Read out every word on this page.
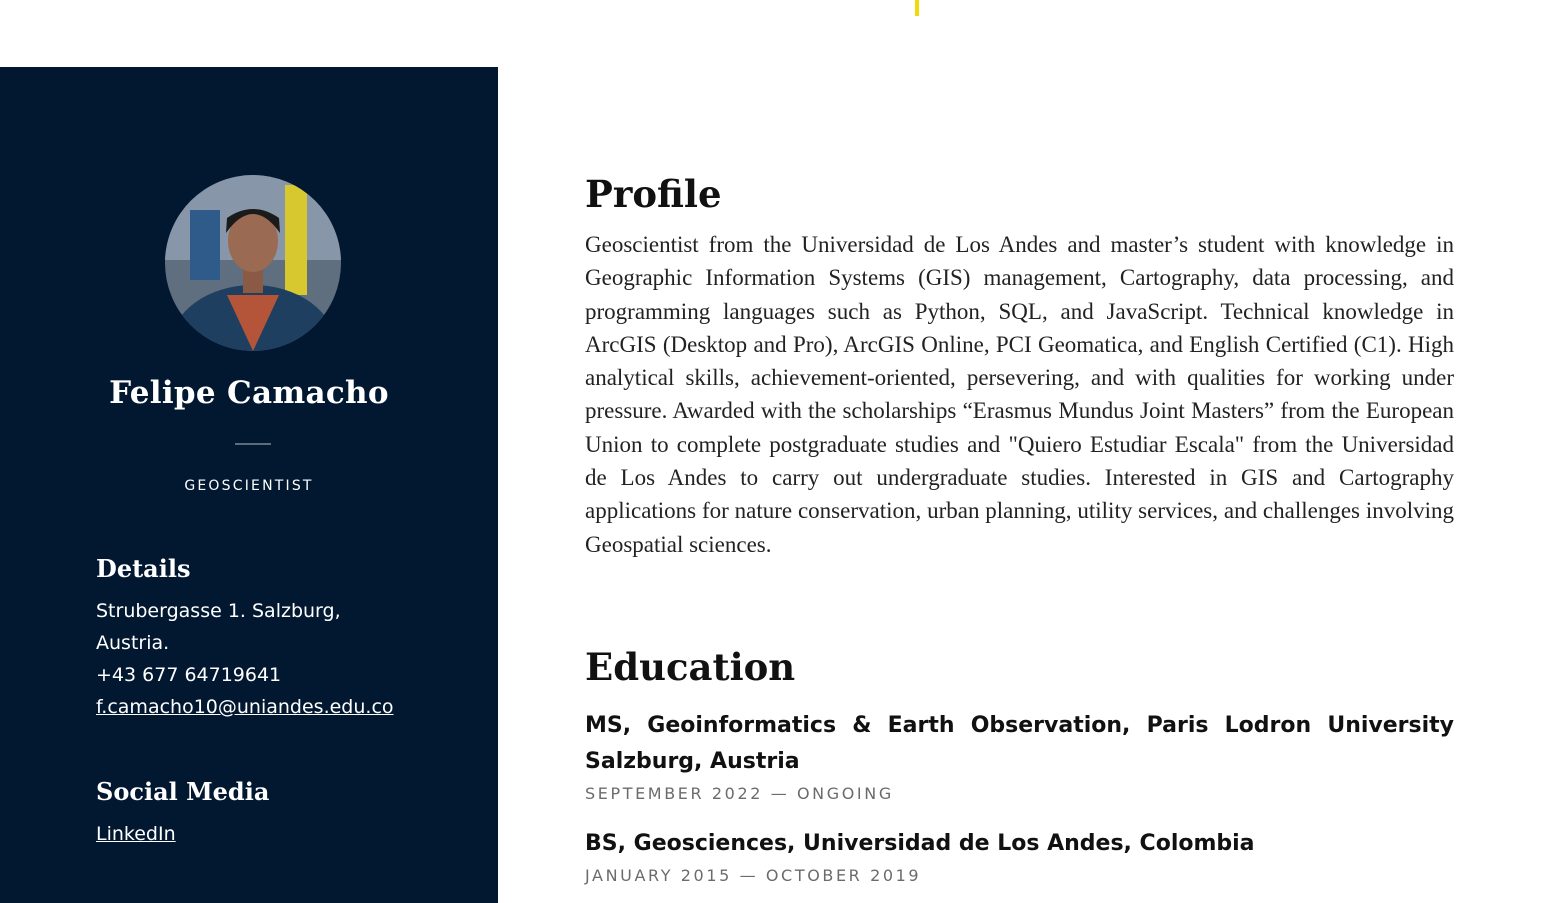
Felipe Camacho
GEOSCIENTIST
Details
Strubergasse 1. Salzburg,
Austria.
+43 677 64719641
f.camacho10@uniandes.edu.co
Social Media
LinkedIn
Profile

Geoscientist from the Universidad de Los Andes and master’s student with knowledge in Geographic Information Systems (GIS) management, Cartography, data processing, and programming languages such as Python, SQL, and JavaScript. Technical knowledge in ArcGIS (Desktop and Pro), ArcGIS Online, PCI Geomatica, and English Certified (C1). High analytical skills, achievement-oriented, persevering, and with qualities for working under pressure. Awarded with the scholarships “Erasmus Mundus Joint Masters” from the European Union to complete postgraduate studies and "Quiero Estudiar Escala" from the Universidad de Los Andes to carry out undergraduate studies. Interested in GIS and Cartography applications for nature conservation, urban planning, utility services, and challenges involving Geospatial sciences.

Education

MS, Geoinformatics & Earth Observation, Paris Lodron University Salzburg, Austria

SEPTEMBER 2022 — ONGOING

BS, Geosciences, Universidad de Los Andes, Colombia

JANUARY 2015 — OCTOBER 2019
